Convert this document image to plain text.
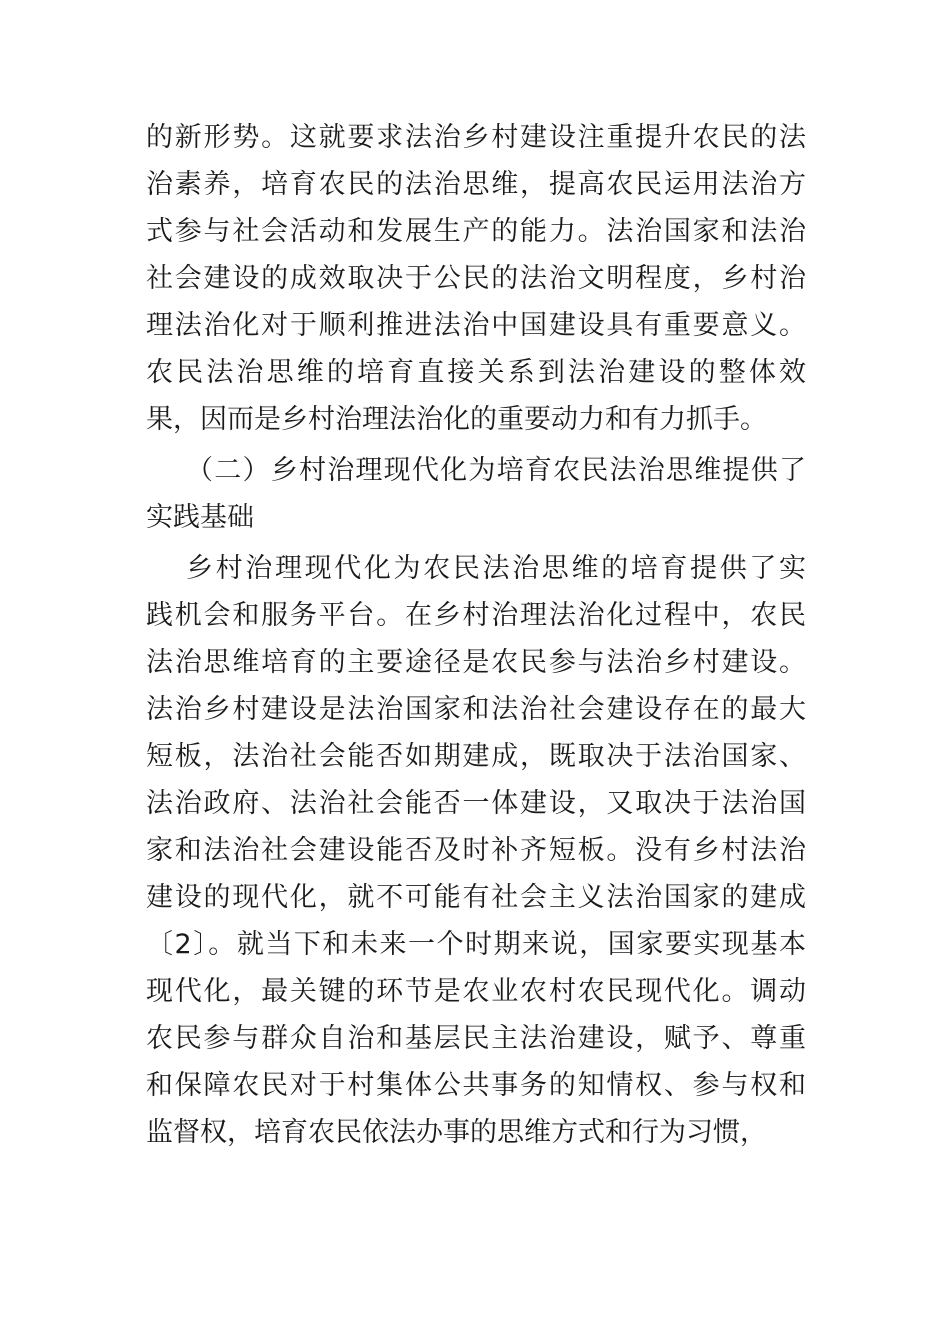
的新形势。这就要求法治乡村建设注重提升农民的法
治素养，培育农民的法治思维，提高农民运用法治方
式参与社会活动和发展生产的能力。法治国家和法治
社会建设的成效取决于公民的法治文明程度，乡村治
理法治化对于顺利推进法治中国建设具有重要意义。
农民法治思维的培育直接关系到法治建设的整体效
果，因而是乡村治理法治化的重要动力和有力抓手。
（二）乡村治理现代化为培育农民法治思维提供了
实践基础
乡村治理现代化为农民法治思维的培育提供了实
践机会和服务平台。在乡村治理法治化过程中，农民
法治思维培育的主要途径是农民参与法治乡村建设。
法治乡村建设是法治国家和法治社会建设存在的最大
短板，法治社会能否如期建成，既取决于法治国家、
法治政府、法治社会能否一体建设，又取决于法治国
家和法治社会建设能否及时补齐短板。没有乡村法治
建设的现代化，就不可能有社会主义法治国家的建成
〔2〕。就当下和未来一个时期来说，国家要实现基本
现代化，最关键的环节是农业农村农民现代化。调动
农民参与群众自治和基层民主法治建设，赋予、尊重
和保障农民对于村集体公共事务的知情权、参与权和
监督权，培育农民依法办事的思维方式和行为习惯，
